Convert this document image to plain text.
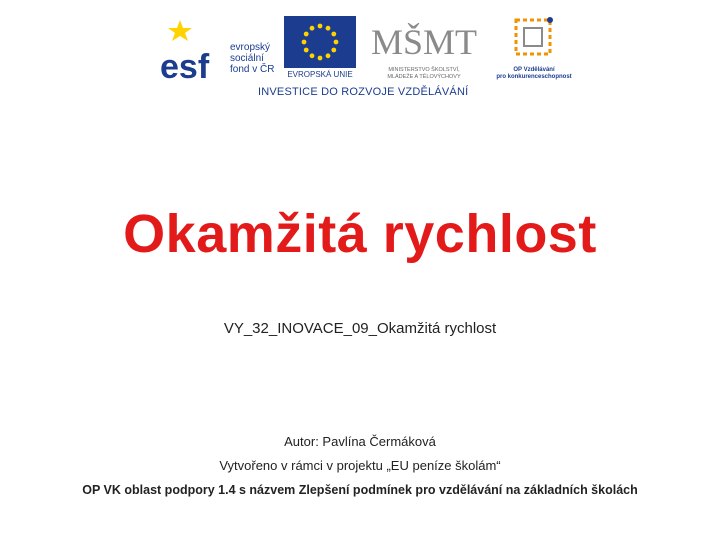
esf
evropský
sociální
fond v ČR	EVROPSKÁ UNIE
MŠMT
MINISTERSTVO ŠKOLSTVÍ,
MLÁDEŽE A TĚLOVÝCHOVY
OP Vzdělávání
pro konkurenceschopnost
INVESTICE DO ROZVOJE VZDĚLÁVÁNÍ
Okamžitá rychlost
VY_32_INOVACE_09_Okamžitá rychlost
Autor: Pavlína Čermáková
Vytvořeno v rámci v projektu „EU peníze školám“
OP VK oblast podpory 1.4 s názvem Zlepšení podmínek pro vzdělávání na základních školách
